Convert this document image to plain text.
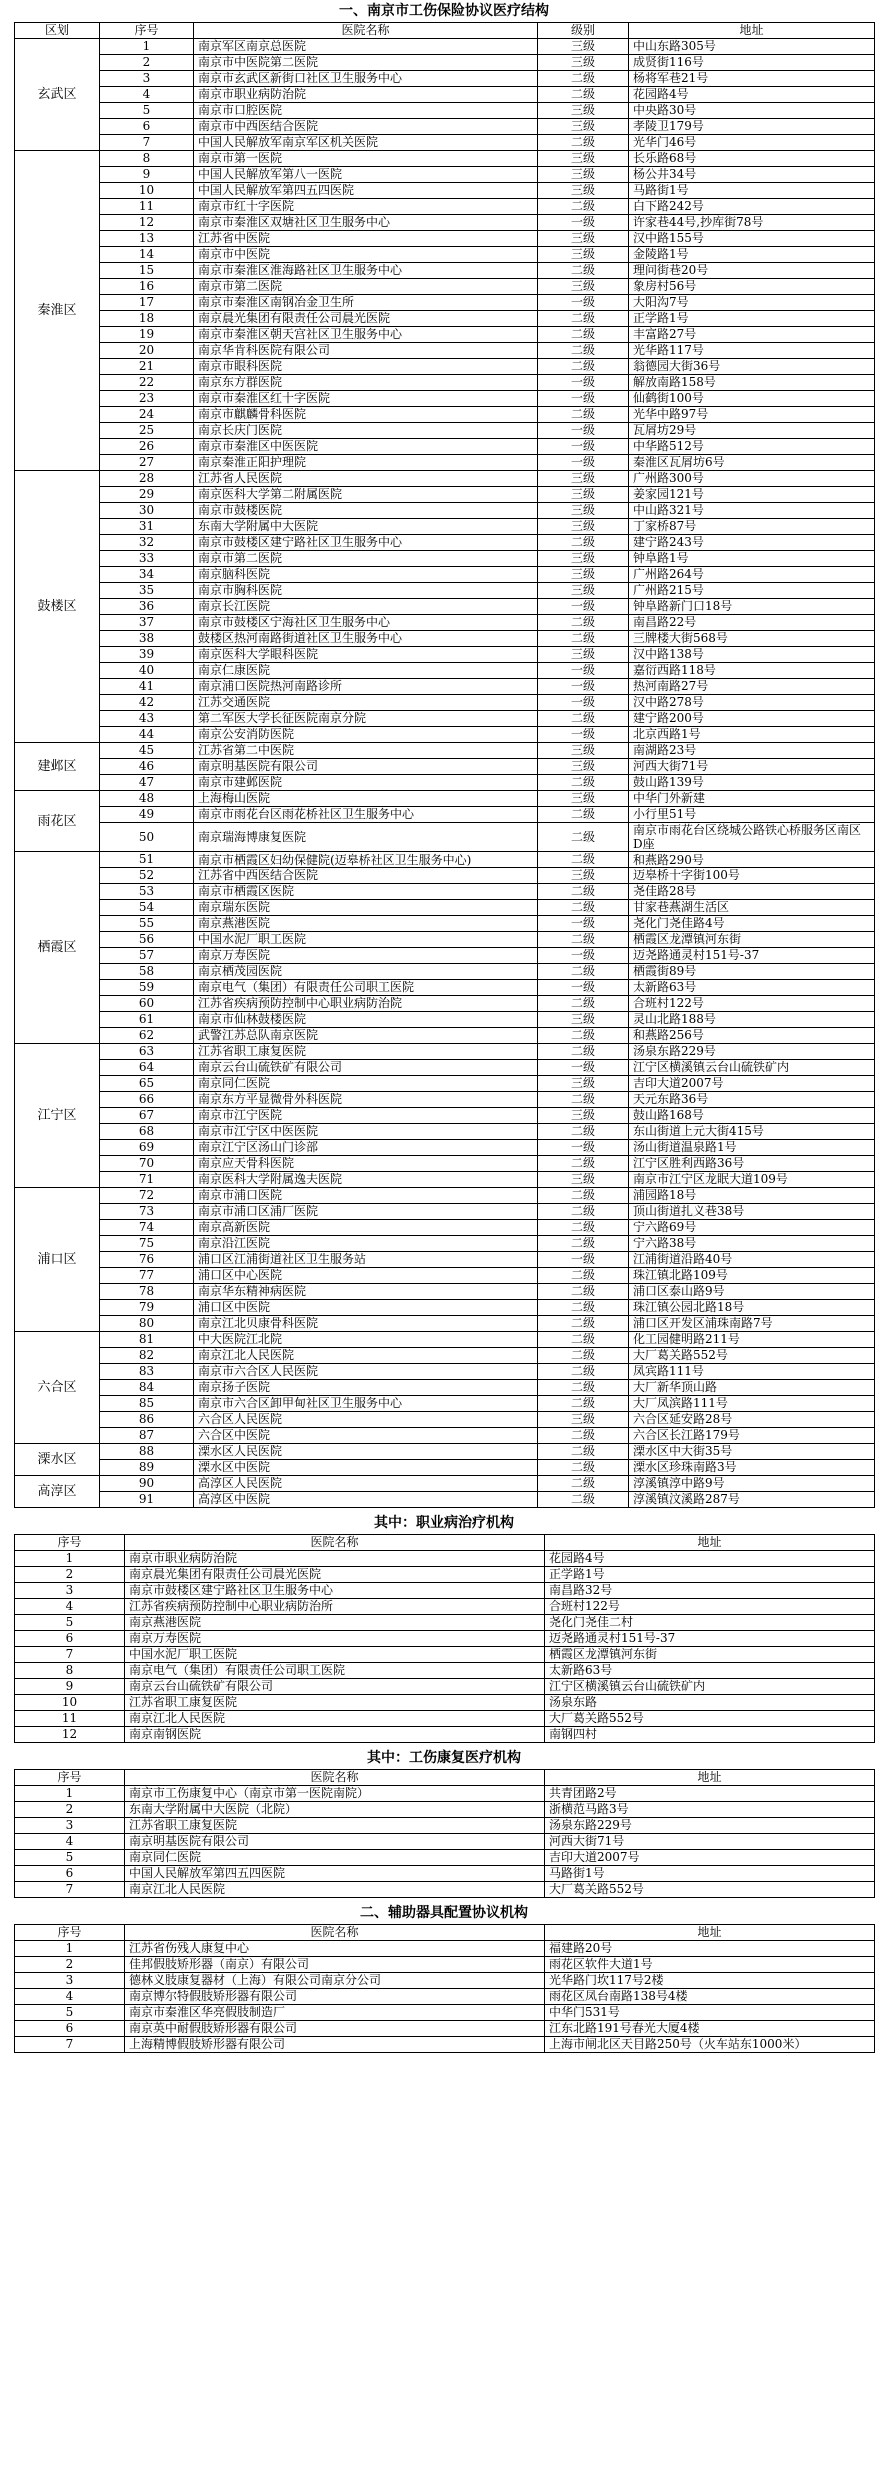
一、南京市工伤保险协议医疗结构
区划	序号	医院名称	级别	地址
玄武区	1	南京军区南京总医院	三级	中山东路305号
	2	南京市中医院第二医院	三级	成贤街116号
	3	南京市玄武区新街口社区卫生服务中心	二级	杨将军巷21号
	4	南京市职业病防治院	二级	花园路4号
	5	南京市口腔医院	三级	中央路30号
	6	南京市中西医结合医院	三级	孝陵卫179号
	7	中国人民解放军南京军区机关医院	二级	光华门46号
秦淮区	8	南京市第一医院	三级	长乐路68号
	9	中国人民解放军第八一医院	三级	杨公井34号
	10	中国人民解放军第四五四医院	三级	马路街1号
	11	南京市红十字医院	二级	白下路242号
	12	南京市秦淮区双塘社区卫生服务中心	一级	许家巷44号,抄库街78号
	13	江苏省中医院	三级	汉中路155号
	14	南京市中医院	三级	金陵路1号
	15	南京市秦淮区淮海路社区卫生服务中心	二级	理问街巷20号
	16	南京市第二医院	三级	象房村56号
	17	南京市秦淮区南钢冶金卫生所	一级	大阳沟7号
	18	南京晨光集团有限责任公司晨光医院	二级	正学路1号
	19	南京市秦淮区朝天宫社区卫生服务中心	二级	丰富路27号
	20	南京华肯科医院有限公司	二级	光华路117号
	21	南京市眼科医院	二级	翁德园大街36号
	22	南京东方群医院	一级	解放南路158号
	23	南京市秦淮区红十字医院	一级	仙鹤街100号
	24	南京市麒麟骨科医院	二级	光华中路97号
	25	南京长庆门医院	一级	瓦屑坊29号
	26	南京市秦淮区中医医院	一级	中华路512号
	27	南京秦淮正阳护理院	一级	秦淮区瓦屑坊6号
鼓楼区	28	江苏省人民医院	三级	广州路300号
	29	南京医科大学第二附属医院	三级	姜家园121号
	30	南京市鼓楼医院	三级	中山路321号
	31	东南大学附属中大医院	三级	丁家桥87号
	32	南京市鼓楼区建宁路社区卫生服务中心	二级	建宁路243号
	33	南京市第二医院	三级	钟阜路1号
	34	南京脑科医院	三级	广州路264号
	35	南京市胸科医院	三级	广州路215号
	36	南京长江医院	一级	钟阜路新门口18号
	37	南京市鼓楼区宁海社区卫生服务中心	二级	南昌路22号
	38	鼓楼区热河南路街道社区卫生服务中心	二级	三牌楼大街568号
	39	南京医科大学眼科医院	三级	汉中路138号
	40	南京仁康医院	一级	嘉衍西路118号
	41	南京浦口医院热河南路诊所	一级	热河南路27号
	42	江苏交通医院	一级	汉中路278号
	43	第二军医大学长征医院南京分院	二级	建宁路200号
	44	南京公安消防医院	一级	北京西路1号
建邺区	45	江苏省第二中医院	三级	南湖路23号
	46	南京明基医院有限公司	三级	河西大街71号
	47	南京市建邺医院	二级	鼓山路139号
雨花区	48	上海梅山医院	三级	中华门外新建
	49	南京市雨花台区雨花桥社区卫生服务中心	二级	小行里51号
	50	南京瑞海博康复医院	二级	南京市雨花台区绕城公路铁心桥服务区南区D座
栖霞区	51	南京市栖霞区妇幼保健院(迈皋桥社区卫生服务中心)	二级	和燕路290号
	52	江苏省中西医结合医院	三级	迈皋桥十字街100号
	53	南京市栖霞区医院	二级	尧佳路28号
	54	南京瑞东医院	二级	甘家巷燕湖生活区
	55	南京燕港医院	一级	尧化门尧佳路4号
	56	中国水泥厂职工医院	二级	栖霞区龙潭镇河东街
	57	南京万寿医院	一级	迈尧路通灵村151号-37
	58	南京栖茂园医院	二级	栖霞街89号
	59	南京电气（集团）有限责任公司职工医院	一级	太新路63号
	60	江苏省疾病预防控制中心职业病防治院	二级	合班村122号
	61	南京市仙林鼓楼医院	三级	灵山北路188号
	62	武警江苏总队南京医院	二级	和燕路256号
江宁区	63	江苏省职工康复医院	二级	汤泉东路229号
	64	南京云台山硫铁矿有限公司	一级	江宁区横溪镇云台山硫铁矿内
	65	南京同仁医院	三级	吉印大道2007号
	66	南京东方平显微骨外科医院	二级	天元东路36号
	67	南京市江宁医院	三级	鼓山路168号
	68	南京市江宁区中医医院	二级	东山街道上元大街415号
	69	南京江宁区汤山门诊部	一级	汤山街道温泉路1号
	70	南京应天骨科医院	二级	江宁区胜利西路36号
	71	南京医科大学附属逸夫医院	三级	南京市江宁区龙眠大道109号
浦口区	72	南京市浦口医院	二级	浦园路18号
	73	南京市浦口区浦厂医院	二级	顶山街道扎义巷38号
	74	南京高新医院	二级	宁六路69号
	75	南京沿江医院	二级	宁六路38号
	76	浦口区江浦街道社区卫生服务站	一级	江浦街道沿路40号
	77	浦口区中心医院	二级	珠江镇北路109号
	78	南京华东精神病医院	二级	浦口区泰山路9号
	79	浦口区中医院	二级	珠江镇公园北路18号
	80	南京江北贝康骨科医院	二级	浦口区开发区浦珠南路7号
六合区	81	中大医院江北院	二级	化工园健明路211号
	82	南京江北人民医院	二级	大厂葛关路552号
	83	南京市六合区人民医院	二级	凤宾路111号
	84	南京扬子医院	二级	大厂新华顶山路
	85	南京市六合区卸甲甸社区卫生服务中心	二级	大厂凤滨路111号
	86	六合区人民医院	三级	六合区延安路28号
	87	六合区中医院	二级	六合区长江路179号
溧水区	88	溧水区人民医院	二级	溧水区中大街35号
	89	溧水区中医院	二级	溧水区珍珠南路3号
高淳区	90	高淳区人民医院	二级	淳溪镇淳中路9号
	91	高淳区中医院	二级	淳溪镇汶溪路287号
其中：职业病治疗机构
序号	医院名称	地址
1	南京市职业病防治院	花园路4号
2	南京晨光集团有限责任公司晨光医院	正学路1号
3	南京市鼓楼区建宁路社区卫生服务中心	南昌路32号
4	江苏省疾病预防控制中心职业病防治所	合班村122号
5	南京燕港医院	尧化门尧佳二村
6	南京万寿医院	迈尧路通灵村151号-37
7	中国水泥厂职工医院	栖霞区龙潭镇河东街
8	南京电气（集团）有限责任公司职工医院	太新路63号
9	南京云台山硫铁矿有限公司	江宁区横溪镇云台山硫铁矿内
10	江苏省职工康复医院	汤泉东路
11	南京江北人民医院	大厂葛关路552号
12	南京南钢医院	南钢四村
其中：工伤康复医疗机构
序号	医院名称	地址
1	南京市工伤康复中心（南京市第一医院南院）	共青团路2号
2	东南大学附属中大医院（北院）	浙横范马路3号
3	江苏省职工康复医院	汤泉东路229号
4	南京明基医院有限公司	河西大街71号
5	南京同仁医院	吉印大道2007号
6	中国人民解放军第四五四医院	马路街1号
7	南京江北人民医院	大厂葛关路552号
二、辅助器具配置协议机构
序号	医院名称	地址
1	江苏省伤残人康复中心	福建路20号
2	佳邦假肢矫形器（南京）有限公司	雨花区软件大道1号
3	德林义肢康复器材（上海）有限公司南京分公司	光华路门坎117号2楼
4	南京博尔特假肢矫形器有限公司	雨花区凤台南路138号4楼
5	南京市秦淮区华亮假肢制造厂	中华门531号
6	南京英中耐假肢矫形器有限公司	江东北路191号春光大厦4楼
7	上海精博假肢矫形器有限公司	上海市闸北区天目路250号（火车站东1000米）
